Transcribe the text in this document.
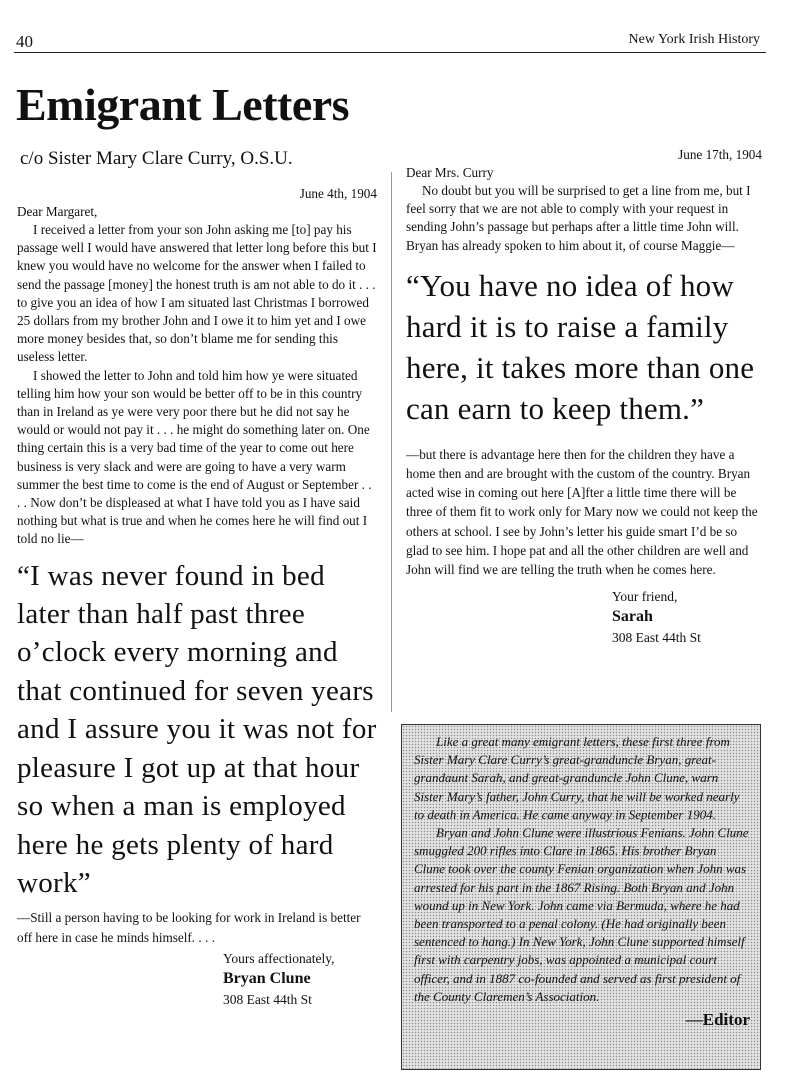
40	New York Irish History
Emigrant Letters
c/o Sister Mary Clare Curry, O.S.U.

June 4th, 1904

Dear Margaret,

I received a letter from your son John asking me [to] pay his passage well I would have answered that letter long before this but I knew you would have no welcome for the answer when I failed to send the passage [money] the honest truth is am not able to do it . . . to give you an idea of how I am situated last Christmas I borrowed 25 dollars from my brother John and I owe it to him yet and I owe more money besides that, so don’t blame me for sending this useless letter.

I showed the letter to John and told him how ye were situated telling him how your son would be better off to be in this country than in Ireland as ye were very poor there but he did not say he would or would not pay it . . . he might do something later on. One thing certain this is a very bad time of the year to come out here business is very slack and were are going to have a very warm summer the best time to come is the end of August or September . . . . Now don’t be displeased at what I have told you as I have said nothing but what is true and when he comes here he will find out I told no lie—

“I was never found in bed later than half past three o’clock every morning and that continued for seven years and I assure you it was not for pleasure I got up at that hour so when a man is employed here he gets plenty of hard work”

—Still a person having to be looking for work in Ireland is better off here in case he minds himself. . . .

Yours affectionately,
Bryan Clune
308 East 44th St

June 17th, 1904

Dear Mrs. Curry

No doubt but you will be surprised to get a line from me, but I feel sorry that we are not able to comply with your request in sending John’s passage but perhaps after a little time John will. Bryan has already spoken to him about it, of course Maggie—

“You have no idea of how hard it is to raise a family here, it takes more than one can earn to keep them.”

—but there is advantage here then for the children they have a home then and are brought with the custom of the country. Bryan acted wise in coming out here [A]fter a little time there will be three of them fit to work only for Mary now we could not keep the others at school. I see by John’s letter his guide smart I’d be so glad to see him. I hope pat and all the other children are well and John will find we are telling the truth when he comes here.

Your friend,
Sarah
308 East 44th St

Like a great many emigrant letters, these first three from Sister Mary Clare Curry’s great-granduncle Bryan, great-grandaunt Sarah, and great-granduncle John Clune, warn Sister Mary’s father, John Curry, that he will be worked nearly to death in America. He came anyway in September 1904.

Bryan and John Clune were illustrious Fenians. John Clune smuggled 200 rifles into Clare in 1865. His brother Bryan Clune took over the county Fenian organization when John was arrested for his part in the 1867 Rising. Both Bryan and John wound up in New York. John came via Bermuda, where he had been transported to a penal colony. (He had originally been sentenced to hang.) In New York, John Clune supported himself first with carpentry jobs, was appointed a municipal court officer, and in 1887 co-founded and served as first president of the County Claremen’s Association.

—Editor
